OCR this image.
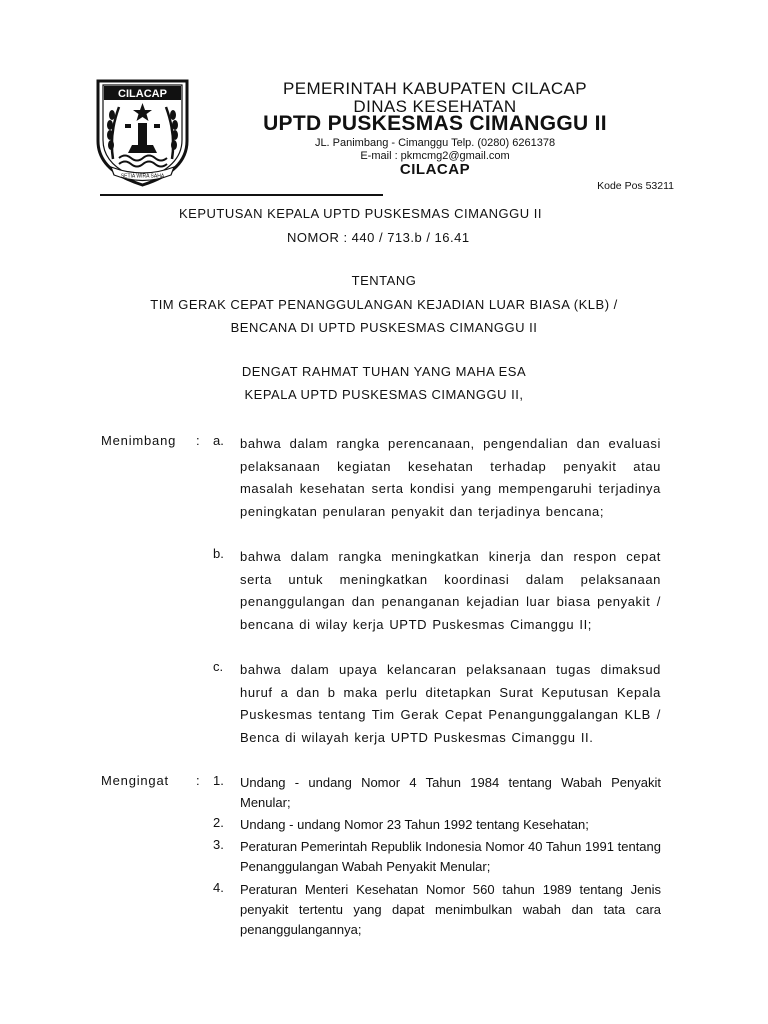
CILACAP
SETIA WIRA SAHA
PEMERINTAH KABUPATEN CILACAP
DINAS KESEHATAN
UPTD PUSKESMAS CIMANGGU II
JL. Panimbang - Cimanggu Telp. (0280) 6261378
E-mail : pkmcmg2@gmail.com
CILACAP
Kode Pos 53211
KEPUTUSAN KEPALA UPTD PUSKESMAS CIMANGGU II
NOMOR : 440 / 713.b / 16.41
TENTANG
TIM GERAK CEPAT PENANGGULANGAN KEJADIAN LUAR BIASA (KLB) /
BENCANA DI UPTD PUSKESMAS CIMANGGU II
DENGAT RAHMAT TUHAN YANG MAHA ESA
KEPALA UPTD PUSKESMAS CIMANGGU II,
Menimbang : a. bahwa dalam rangka perencanaan, pengendalian dan evaluasi pelaksanaan kegiatan kesehatan terhadap penyakit atau masalah kesehatan serta kondisi yang mempengaruhi terjadinya peningkatan penularan penyakit dan terjadinya bencana;
b. bahwa dalam rangka meningkatkan kinerja dan respon cepat serta untuk meningkatkan koordinasi dalam pelaksanaan penanggulangan dan penanganan kejadian luar biasa penyakit / bencana di wilay kerja UPTD Puskesmas Cimanggu II;
c. bahwa dalam upaya kelancaran pelaksanaan tugas dimaksud huruf a dan b maka perlu ditetapkan Surat Keputusan Kepala Puskesmas tentang Tim Gerak Cepat Penangunggalangan KLB / Benca di wilayah kerja UPTD Puskesmas Cimanggu II.
Mengingat : 1. Undang - undang Nomor 4 Tahun 1984 tentang Wabah Penyakit Menular;
2. Undang - undang Nomor 23 Tahun 1992 tentang Kesehatan;
3. Peraturan Pemerintah Republik Indonesia Nomor 40 Tahun 1991 tentang Penanggulangan Wabah Penyakit Menular;
4. Peraturan Menteri Kesehatan Nomor 560 tahun 1989 tentang Jenis penyakit tertentu yang dapat menimbulkan wabah dan tata cara penanggulangannya;
